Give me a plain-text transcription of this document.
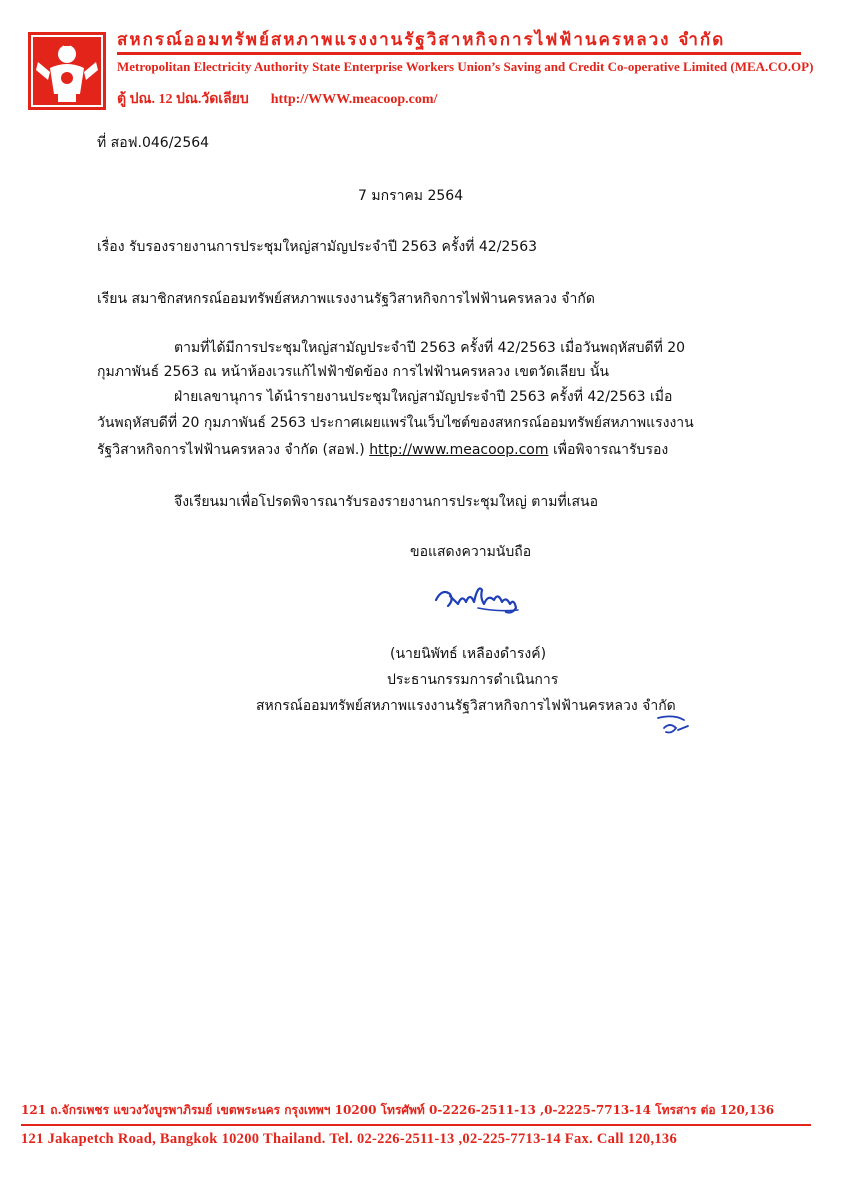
สหกรณ์ออมทรัพย์สหภาพแรงงานรัฐวิสาหกิจการไฟฟ้านครหลวง จำกัด
Metropolitan Electricity Authority State Enterprise Workers Union’s Saving and Credit Co-operative Limited (MEA.CO.OP)
ตู้ ปณ. 12 ปณ.วัดเลียบ http://WWW.meacoop.com/
ที่ สอฟ.046/2564
7 มกราคม 2564
เรื่อง รับรองรายงานการประชุมใหญ่สามัญประจำปี 2563 ครั้งที่ 42/2563
เรียน สมาชิกสหกรณ์ออมทรัพย์สหภาพแรงงานรัฐวิสาหกิจการไฟฟ้านครหลวง จำกัด
ตามที่ได้มีการประชุมใหญ่สามัญประจำปี 2563 ครั้งที่ 42/2563 เมื่อวันพฤหัสบดีที่ 20
กุมภาพันธ์ 2563 ณ หน้าห้องเวรแก้ไฟฟ้าขัดข้อง การไฟฟ้านครหลวง เขตวัดเลียบ นั้น
ฝ่ายเลขานุการ ได้นำรายงานประชุมใหญ่สามัญประจำปี 2563 ครั้งที่ 42/2563 เมื่อ
วันพฤหัสบดีที่ 20 กุมภาพันธ์ 2563 ประกาศเผยแพร่ในเว็บไซต์ของสหกรณ์ออมทรัพย์สหภาพแรงงาน
รัฐวิสาหกิจการไฟฟ้านครหลวง จำกัด (สอฟ.) http://www.meacoop.com เพื่อพิจารณารับรอง
จึงเรียนมาเพื่อโปรดพิจารณารับรองรายงานการประชุมใหญ่ ตามที่เสนอ
ขอแสดงความนับถือ
(นายนิพัทธ์ เหลืองดำรงค์)
ประธานกรรมการดำเนินการ
สหกรณ์ออมทรัพย์สหภาพแรงงานรัฐวิสาหกิจการไฟฟ้านครหลวง จำกัด
121 ถ.จักรเพชร แขวงวังบูรพาภิรมย์ เขตพระนคร กรุงเทพฯ 10200 โทรศัพท์ 0-2226-2511-13 ,0-2225-7713-14 โทรสาร ต่อ 120,136
121 Jakapetch Road, Bangkok 10200 Thailand. Tel. 02-226-2511-13 ,02-225-7713-14 Fax. Call 120,136
